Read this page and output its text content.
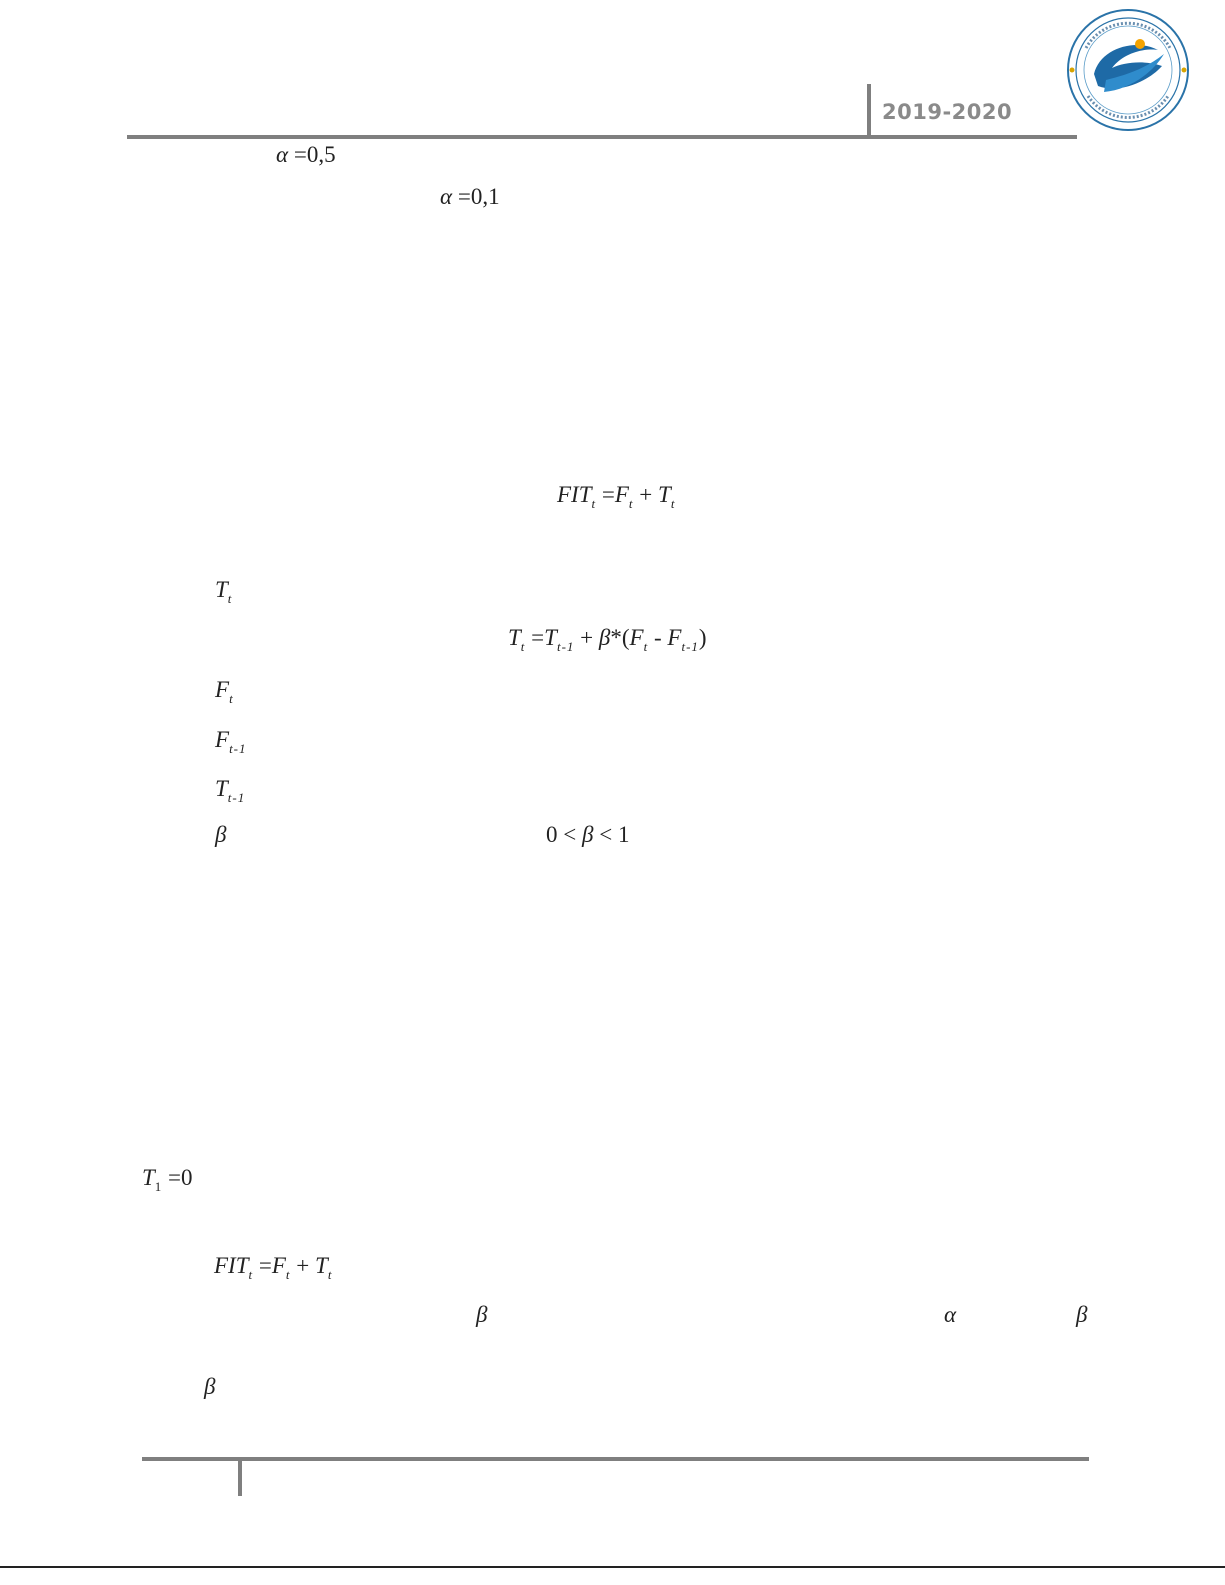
2019-2020
α =0,5
α =0,1
$FIT_t =F_t + T_t$
$T_t$
$T_t =T_{t-1} + \beta*(F_t - F_{t-1})$
$F_t$
$F_{t-1}$
$T_{t-1}$
β	0 < β < 1
$T_1 =0$
$FIT_t =F_t + T_t$
β	α	β
β
